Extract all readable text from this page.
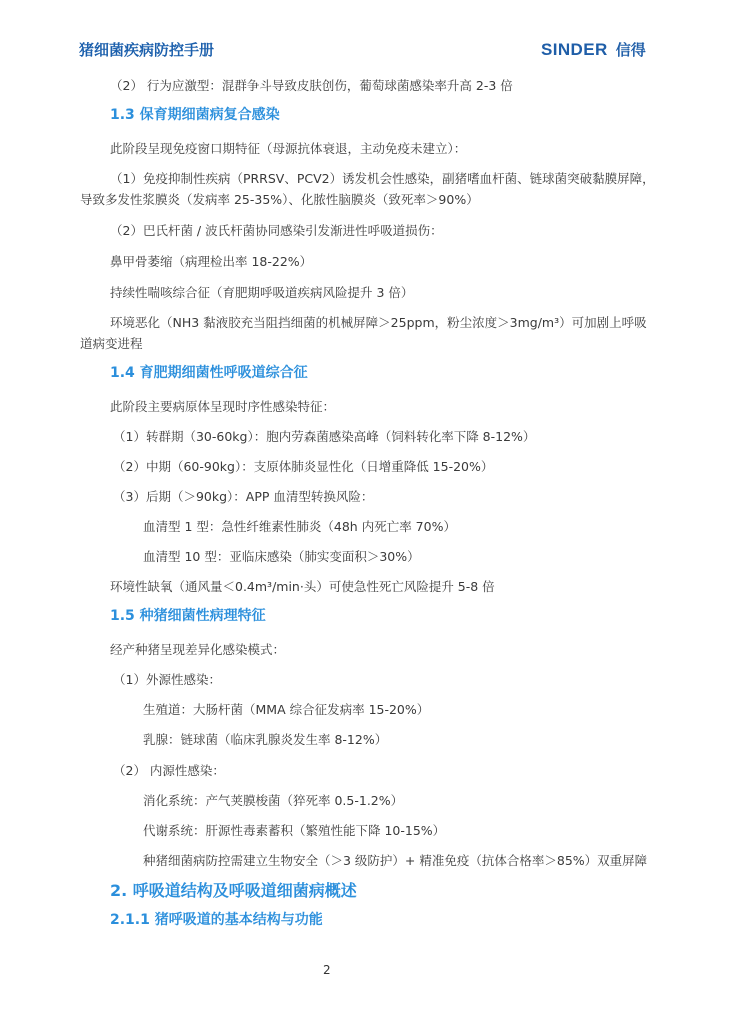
猪细菌疾病防控手册	SINDER 信得

（2） 行为应激型：混群争斗导致皮肤创伤，葡萄球菌感染率升高 2-3 倍

1.3 保育期细菌病复合感染

此阶段呈现免疫窗口期特征（母源抗体衰退，主动免疫未建立）：

（1）免疫抑制性疾病（PRRSV、PCV2）诱发机会性感染，副猪嗜血杆菌、链球菌突破黏膜屏障，

导致多发性浆膜炎（发病率 25-35%）、化脓性脑膜炎（致死率＞90%）

（2）巴氏杆菌 / 波氏杆菌协同感染引发渐进性呼吸道损伤：

鼻甲骨萎缩（病理检出率 18-22%）

持续性喘咳综合征（育肥期呼吸道疾病风险提升 3 倍）

环境恶化（NH3 黏液胶充当阻挡细菌的机械屏障＞25ppm，粉尘浓度＞3mg/m³）可加剧上呼吸

道病变进程

1.4 育肥期细菌性呼吸道综合征

此阶段主要病原体呈现时序性感染特征：

（1）转群期（30-60kg）：胞内劳森菌感染高峰（饲料转化率下降 8-12%）

（2）中期（60-90kg）：支原体肺炎显性化（日增重降低 15-20%）

（3）后期（＞90kg）：APP 血清型转换风险：

血清型 1 型：急性纤维素性肺炎（48h 内死亡率 70%）

血清型 10 型：亚临床感染（肺实变面积＞30%）

环境性缺氧（通风量＜0.4m³/min·头）可使急性死亡风险提升 5-8 倍

1.5 种猪细菌性病理特征

经产种猪呈现差异化感染模式：

（1）外源性感染：

生殖道：大肠杆菌（MMA 综合征发病率 15-20%）

乳腺：链球菌（临床乳腺炎发生率 8-12%）

（2） 内源性感染：

消化系统：产气荚膜梭菌（猝死率 0.5-1.2%）

代谢系统：肝源性毒素蓄积（繁殖性能下降 10-15%）

种猪细菌病防控需建立生物安全（＞3 级防护）+ 精准免疫（抗体合格率＞85%）双重屏障

2. 呼吸道结构及呼吸道细菌病概述
2.1.1 猪呼吸道的基本结构与功能
2
